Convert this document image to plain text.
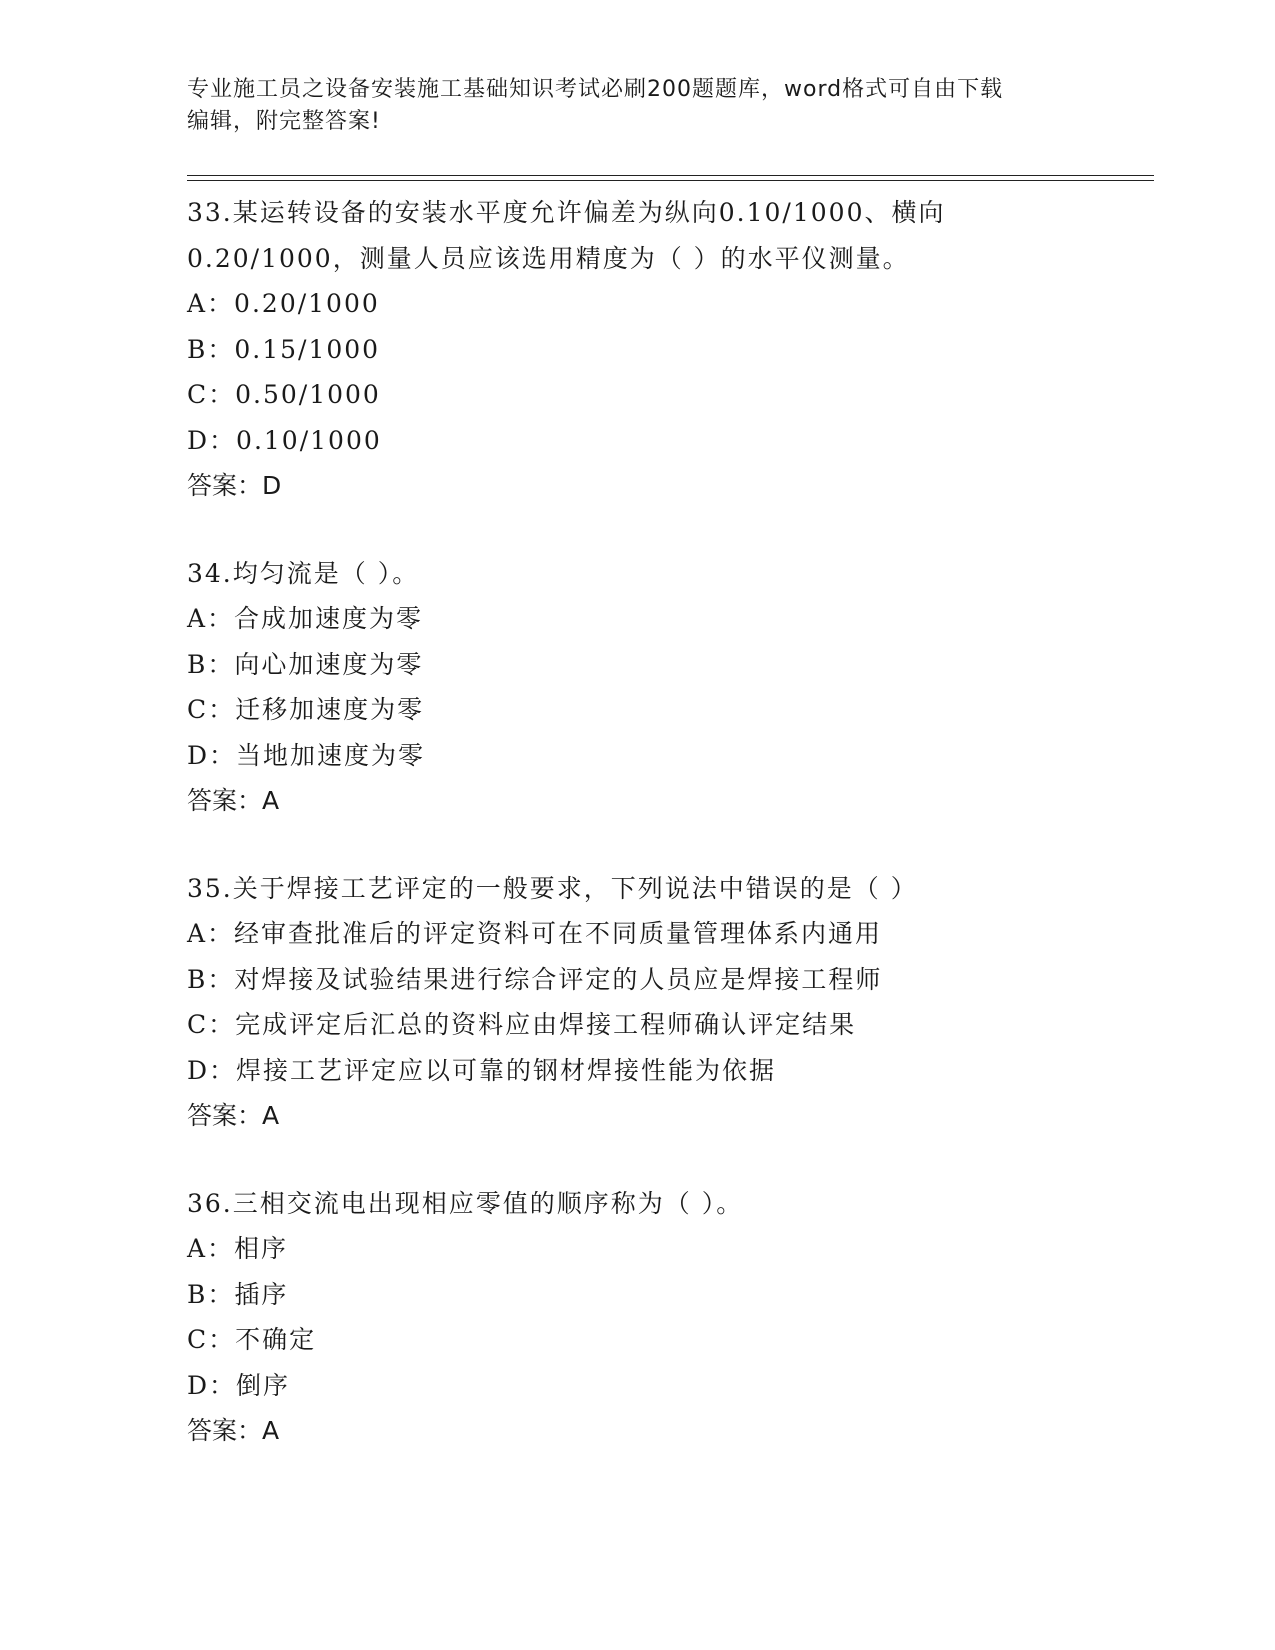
专业施工员之设备安装施工基础知识考试必刷200题题库，word格式可自由下载
编辑，附完整答案!
33.某运转设备的安装水平度允许偏差为纵向0.10/1000、横向
0.20/1000，测量人员应该选用精度为（ ）的水平仪测量。
A：0.20/1000
B：0.15/1000
C：0.50/1000
D：0.10/1000
答案：D
34.均匀流是（ ）。
A：合成加速度为零
B：向心加速度为零
C：迁移加速度为零
D：当地加速度为零
答案：A
35.关于焊接工艺评定的一般要求，下列说法中错误的是（ ）
A：经审查批准后的评定资料可在不同质量管理体系内通用
B：对焊接及试验结果进行综合评定的人员应是焊接工程师
C：完成评定后汇总的资料应由焊接工程师确认评定结果
D：焊接工艺评定应以可靠的钢材焊接性能为依据
答案：A
36.三相交流电出现相应零值的顺序称为（ ）。
A：相序
B：插序
C：不确定
D：倒序
答案：A
